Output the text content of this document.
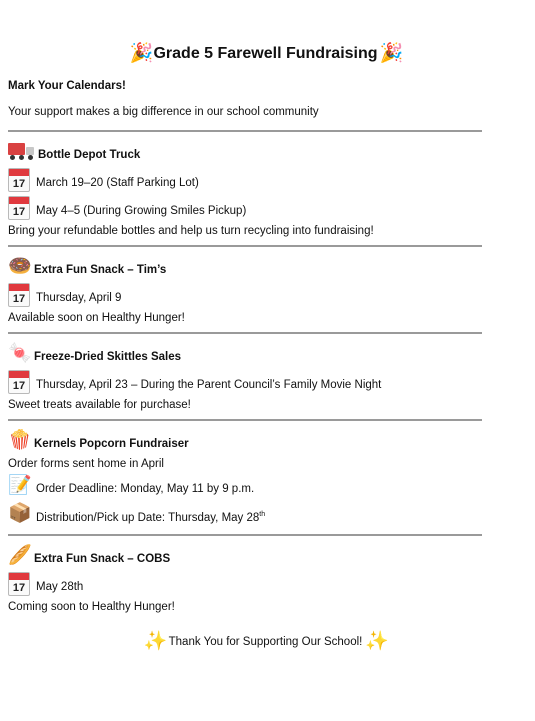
🎉 Grade 5 Farewell Fundraising 🎉
Mark Your Calendars!
Your support makes a big difference in our school community
Bottle Depot Truck
17 March 19–20 (Staff Parking Lot)
17 May 4–5 (During Growing Smiles Pickup)
Bring your refundable bottles and help us turn recycling into fundraising!
🍩 Extra Fun Snack – Tim’s
17 Thursday, April 9
Available soon on Healthy Hunger!
🍬 Freeze-Dried Skittles Sales
17 Thursday, April 23 – During the Parent Council’s Family Movie Night
Sweet treats available for purchase!
🍿 Kernels Popcorn Fundraiser
Order forms sent home in April
📝 Order Deadline: Monday, May 11 by 9 p.m.
📦 Distribution/Pick up Date: Thursday, May 28th
🥖 Extra Fun Snack – COBS
17 May 28th
Coming soon to Healthy Hunger!
✨ Thank You for Supporting Our School! ✨
